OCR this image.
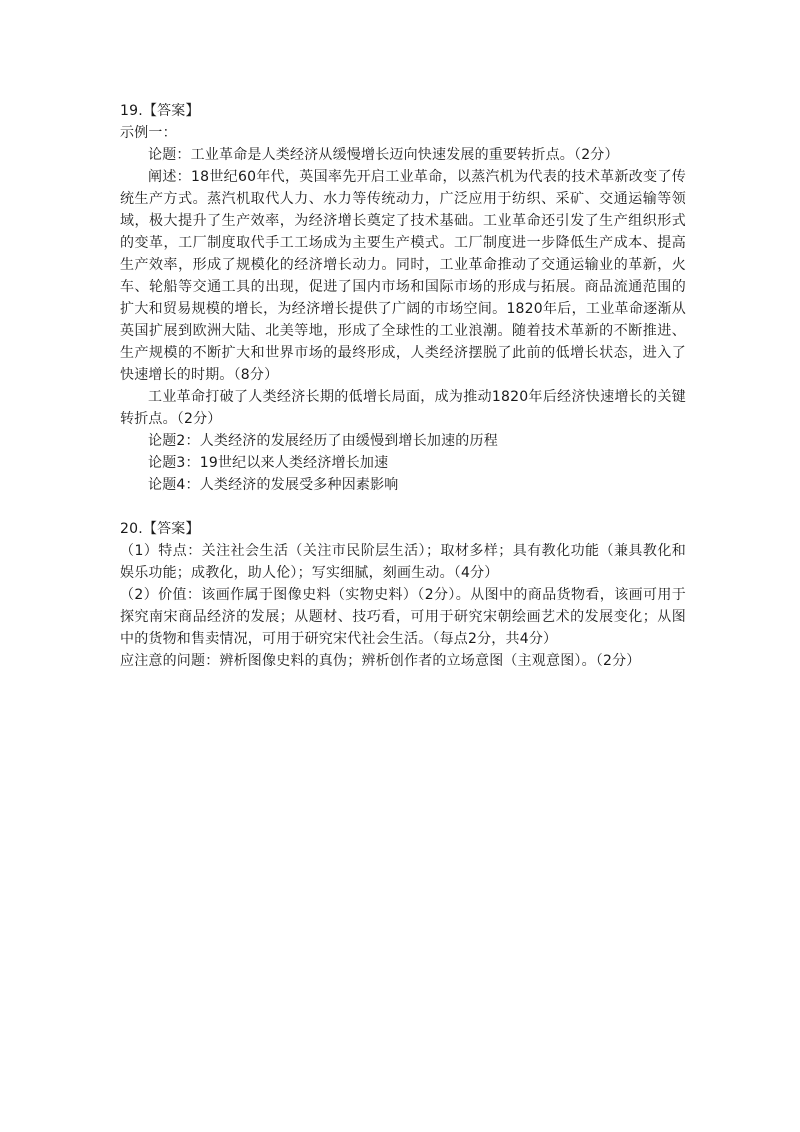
19.【答案】

示例一：

论题：工业革命是人类经济从缓慢增长迈向快速发展的重要转折点。（2分）

阐述：18世纪60年代，英国率先开启工业革命，以蒸汽机为代表的技术革新改变了传统生产方式。蒸汽机取代人力、水力等传统动力，广泛应用于纺织、采矿、交通运输等领域，极大提升了生产效率，为经济增长奠定了技术基础。工业革命还引发了生产组织形式的变革，工厂制度取代手工工场成为主要生产模式。工厂制度进一步降低生产成本、提高生产效率，形成了规模化的经济增长动力。同时，工业革命推动了交通运输业的革新，火车、轮船等交通工具的出现，促进了国内市场和国际市场的形成与拓展。商品流通范围的扩大和贸易规模的增长，为经济增长提供了广阔的市场空间。1820年后，工业革命逐渐从英国扩展到欧洲大陆、北美等地，形成了全球性的工业浪潮。随着技术革新的不断推进、生产规模的不断扩大和世界市场的最终形成，人类经济摆脱了此前的低增长状态，进入了快速增长的时期。（8分）

工业革命打破了人类经济长期的低增长局面，成为推动1820年后经济快速增长的关键转折点。（2分）

论题2：人类经济的发展经历了由缓慢到增长加速的历程

论题3：19世纪以来人类经济增长加速

论题4：人类经济的发展受多种因素影响

20.【答案】

（1）特点：关注社会生活（关注市民阶层生活）；取材多样；具有教化功能（兼具教化和娱乐功能；成教化，助人伦）；写实细腻，刻画生动。（4分）

（2）价值：该画作属于图像史料（实物史料）（2分）。从图中的商品货物看，该画可用于探究南宋商品经济的发展；从题材、技巧看，可用于研究宋朝绘画艺术的发展变化；从图中的货物和售卖情况，可用于研究宋代社会生活。（每点2分，共4分）

应注意的问题：辨析图像史料的真伪；辨析创作者的立场意图（主观意图）。（2分）
